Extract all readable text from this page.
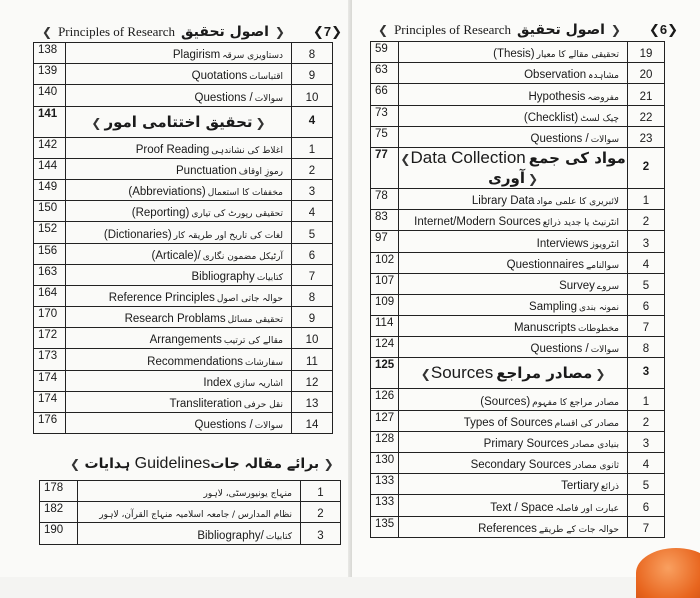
❮ Principles of Research اصول تحقیق ❯ ❮7❯
138	Plagirism دستاویزی سرقہ	8
139	Quotations اقتباسات	9
140	Questions / سوالات	10
141	❮ تحقیق اختتامی امور ❯	4
142	Proof Reading اغلاط کی نشاندہی	1
144	Punctuation رموزِ اوقاف	2
149	(Abbreviations) مخففات کا استعمال	3
150	(Reporting) تحقیقی رپورٹ کی تیاری	4
152	(Dictionaries) لغات کی تاریخ اور طریقہ کار	5
156	(Articale)/ آرٹیکل مضمون نگاری	6
163	Bibliography کتابیات	7
164	Reference Principles حوالہ جاتی اصول	8
170	Research Problams تحقیقی مسائل	9
172	Arrangements مقالے کی ترتیب	10
173	Recommendations سفارشات	11
174	Index اشاریہ سازی	12
174	Transliteration نقل حرفی	13
176	Questions / سوالات	14
❮ ہدایات Guidelinesبرائے مقالہ جات ❯
178	منہاج یونیورسٹی، لاہور	1
182	نظام المدارس / جامعہ اسلامیہ منہاج القرآن، لاہور	2
190	Bibliography/ کتابیات	3
❮ Principles of Research اصول تحقیق ❯ ❮6❯
59	(Thesis) تحقیقی مقالے کا معیار	19
63	Observation مشاہدہ	20
66	Hypothesis مفروضہ	21
73	(Checklist) چیک لسٹ	22
75	Questions / سوالات	23
77	❮Data Collection مواد کی جمع آوری ❯	2
78	Library Data لائبریری کا علمی مواد	1
83	Internet/Modern Sources انٹرنیٹ یا جدید ذرائع	2
97	Interviews انٹرویوز	3
102	Questionnaires سوالنامے	4
107	Survey سروے	5
109	Sampling نمونہ بندی	6
114	Manuscripts مخطوطات	7
124	Questions / سوالات	8
125	❮Sources مصادر مراجع ❯	3
126	(Sources) مصادر مراجع کا مفہوم	1
127	Types of Sources مصادر کی اقسام	2
128	Primary Sources بنیادی مصادر	3
130	Secondary Sources ثانوی مصادر	4
133	Tertiary ذرائع	5
133	Text / Space عبارت اور فاصلہ	6
135	References حوالہ جات کے طریقے	7
